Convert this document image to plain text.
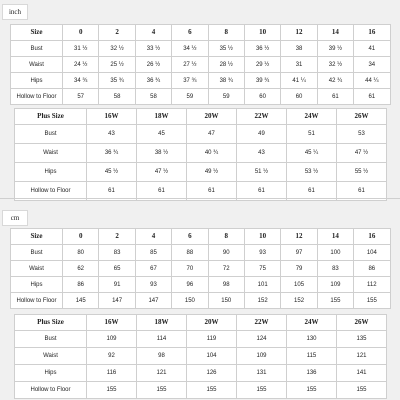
inch
Size	0	2	4	6	8	10	12	14	16
Bust	31 ½	32 ½	33 ½	34 ½	35 ½	36 ½	38	39 ½	41
Waist	24 ½	25 ½	26 ½	27 ½	28 ½	29 ½	31	32 ½	34
Hips	34 ¾	35 ¾	36 ¾	37 ¾	38 ¾	39 ¾	41 ¼	42 ¾	44 ¼
Hollow to Floor	57	58	58	59	59	60	60	61	61
Plus Size	16W	18W	20W	22W	24W	26W
Bust	43	45	47	49	51	53
Waist	36 ¾	38 ½	40 ¾	43	45 ¼	47 ½
Hips	45 ½	47 ½	49 ½	51 ½	53 ½	55 ½
Hollow to Floor	61	61	61	61	61	61
cm
Size	0	2	4	6	8	10	12	14	16
Bust	80	83	85	88	90	93	97	100	104
Waist	62	65	67	70	72	75	79	83	86
Hips	86	91	93	96	98	101	105	109	112
Hollow to Floor	145	147	147	150	150	152	152	155	155
Plus Size	16W	18W	20W	22W	24W	26W
Bust	109	114	119	124	130	135
Waist	92	98	104	109	115	121
Hips	116	121	126	131	136	141
Hollow to Floor	155	155	155	155	155	155
